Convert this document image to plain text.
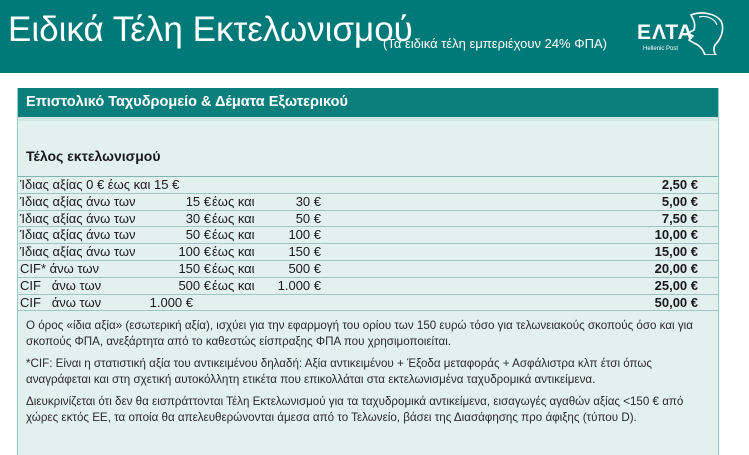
Ειδικά Τέλη Εκτελωνισμού
(Τα ειδικά τέλη εμπεριέχουν 24% ΦΠΑ) ΕΛΤΑ
Hellenic Post
Επιστολικό Ταχυδρομείο & Δέματα Εξωτερικού
Τέλος εκτελωνισμού
Ίδιας αξίας 0 € έως και 15 €	2,50 €
Ίδιας αξίας άνω των	15 € έως και	30 €	5,00 €
Ίδιας αξίας άνω των	30 € έως και	50 €	7,50 €
Ίδιας αξίας άνω των	50 € έως και	100 €	10,00 €
Ίδιας αξίας άνω των	100 € έως και	150 €	15,00 €
CIF* άνω των	150 € έως και	500 €	20,00 €
CIF   άνω των	500 € έως και 1.000 €	25,00 €
CIF   άνω των	1.000 €	50,00 €

Ο όρος «ίδια αξία» (εσωτερική αξία), ισχύει για την εφαρμογή του ορίου των 150 ευρώ τόσο για τελωνειακούς σκοπούς όσο και για σκοπούς ΦΠΑ, ανεξάρτητα από το καθεστώς είσπραξης ΦΠΑ που χρησιμοποιείται.

*CIF: Είναι η στατιστική αξία του αντικειμένου δηλαδή: Αξία αντικειμένου + Έξοδα μεταφοράς + Ασφάλιστρα κλπ έτσι όπως αναγράφεται και στη σχετική αυτοκόλλητη ετικέτα που επικολλάται στα εκτελωνισμένα ταχυδρομικά αντικείμενα.

Διευκρινίζεται ότι δεν θα εισπράττονται Τέλη Εκτελωνισμού για τα ταχυδρομικά αντικείμενα, εισαγωγές αγαθών αξίας <150 € από χώρες εκτός ΕΕ, τα οποία θα απελευθερώνονται άμεσα από το Τελωνείο, βάσει της Διασάφησης προ άφιξης (τύπου D).
